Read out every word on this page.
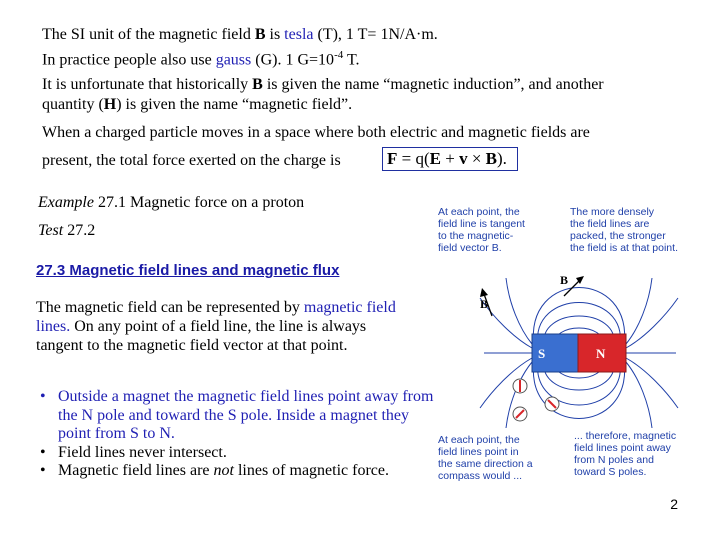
The SI unit of the magnetic field B is tesla (T), 1 T= 1N/A·m.
In practice people also use gauss (G). 1 $G=10^{-4}$ T.
It is unfortunate that historically B is given the name “magnetic induction”, and another
quantity (H) is given the name “magnetic field”.
When a charged particle moves in a space where both electric and magnetic fields are
present, the total force exerted on the charge is	F = q(E + v × B).
Example 27.1 Magnetic force on a proton
Test 27.2
27.3 Magnetic field lines and magnetic flux
The magnetic field can be represented by magnetic field lines. On any point of a field line, the line is always tangent to the magnetic field vector at that point.
• Outside a magnet the magnetic field lines point away from the N pole and toward the S pole. Inside a magnet they point from S to N.
• Field lines never intersect.
• Magnetic field lines are not lines of magnetic force.
At each point, the
field line is tangent
to the magnetic-
field vector B.
The more densely
the field lines are
packed, the stronger
the field is at that point.
S	N
B
B
At each point, the
field lines point in
the same direction a
compass would ...
... therefore, magnetic
field lines point away
from N poles and
toward S poles.
2
